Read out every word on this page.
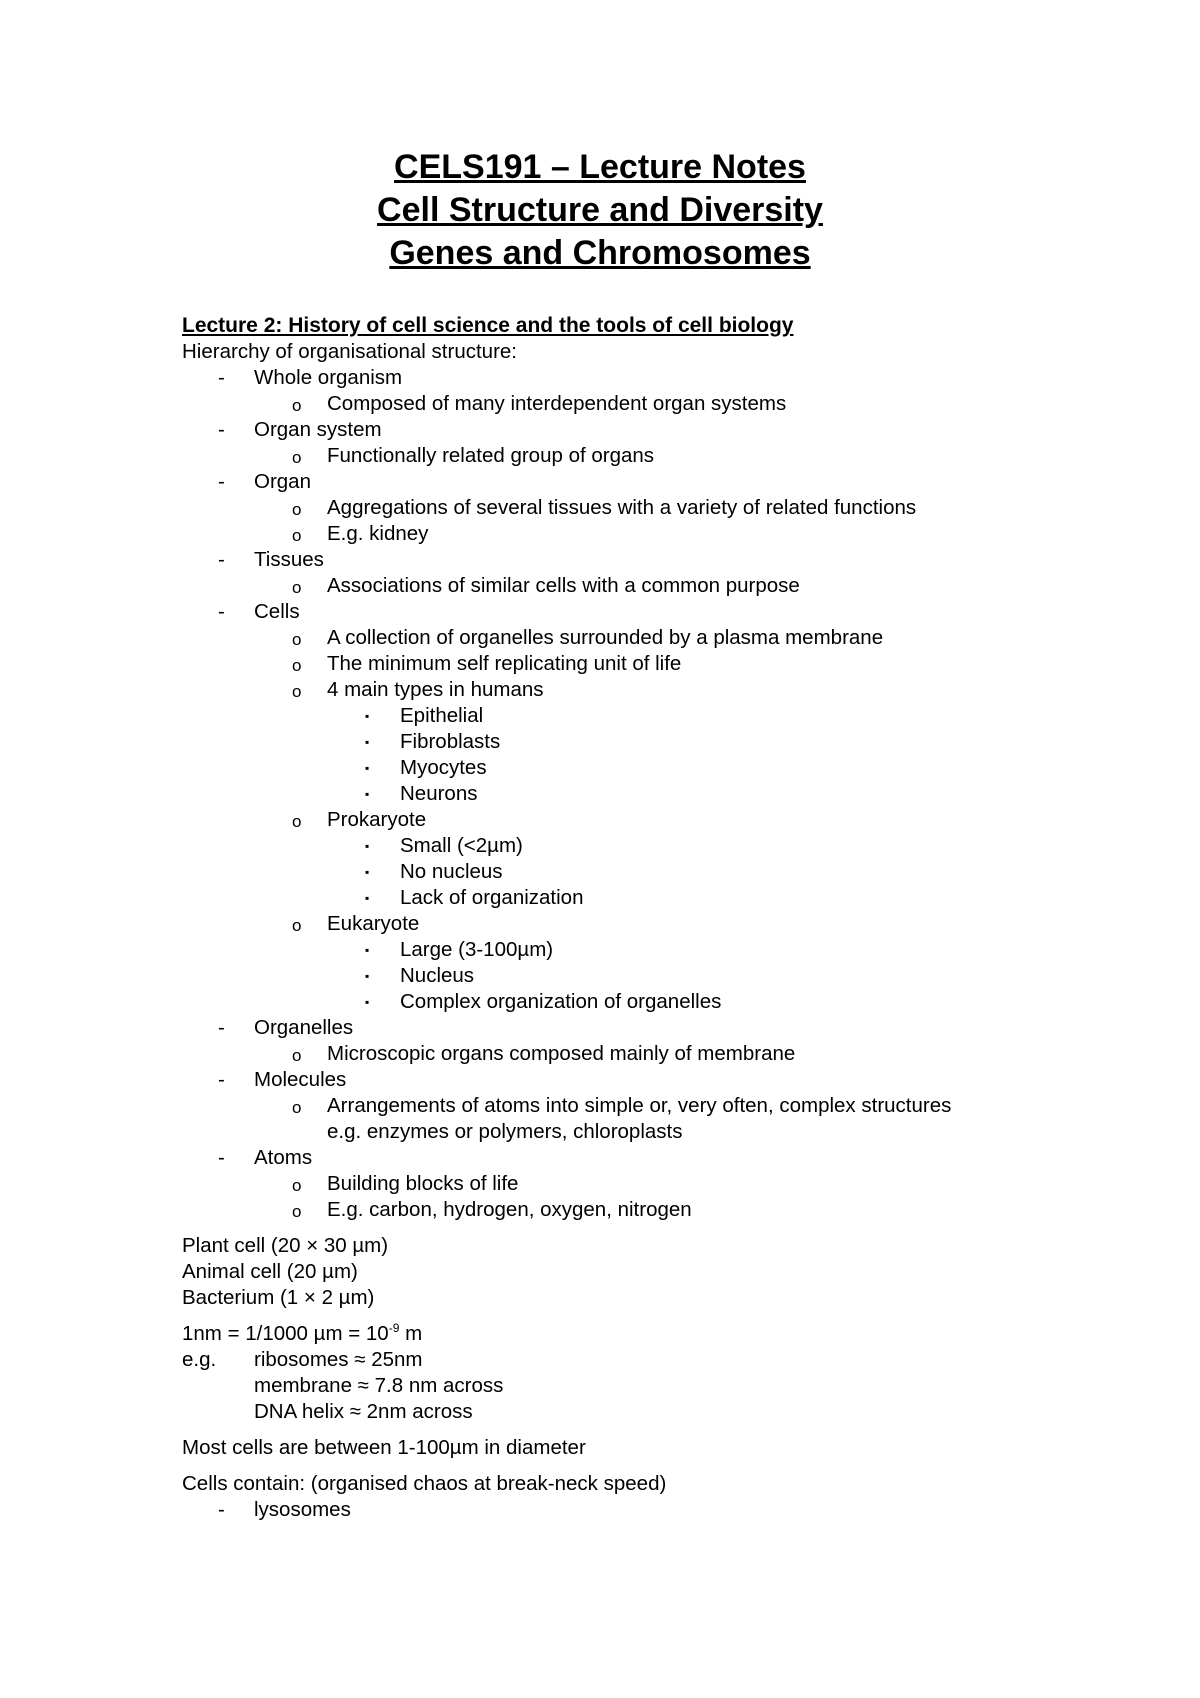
CELS191 – Lecture Notes
Cell Structure and Diversity
Genes and Chromosomes
Lecture 2: History of cell science and the tools of cell biology
Hierarchy of organisational structure:
- Whole organism
o Composed of many interdependent organ systems
- Organ system
o Functionally related group of organs
- Organ
o Aggregations of several tissues with a variety of related functions
o E.g. kidney
- Tissues
o Associations of similar cells with a common purpose
- Cells
o A collection of organelles surrounded by a plasma membrane
o The minimum self replicating unit of life
o 4 main types in humans
▪ Epithelial
▪ Fibroblasts
▪ Myocytes
▪ Neurons
o Prokaryote
▪ Small (<2µm)
▪ No nucleus
▪ Lack of organization
o Eukaryote
▪ Large (3-100µm)
▪ Nucleus
▪ Complex organization of organelles
- Organelles
o Microscopic organs composed mainly of membrane
- Molecules
o Arrangements of atoms into simple or, very often, complex structures
e.g. enzymes or polymers, chloroplasts
- Atoms
o Building blocks of life
o E.g. carbon, hydrogen, oxygen, nitrogen
Plant cell (20 × 30 µm)
Animal cell (20 µm)
Bacterium (1 × 2 µm)
1nm = 1/1000 $\mu m = 10^{-9}$ m
e.g. ribosomes ≈ 25nm
membrane ≈ 7.8 nm across
DNA helix ≈ 2nm across
Most cells are between 1-100µm in diameter
Cells contain: (organised chaos at break-neck speed)
- lysosomes
